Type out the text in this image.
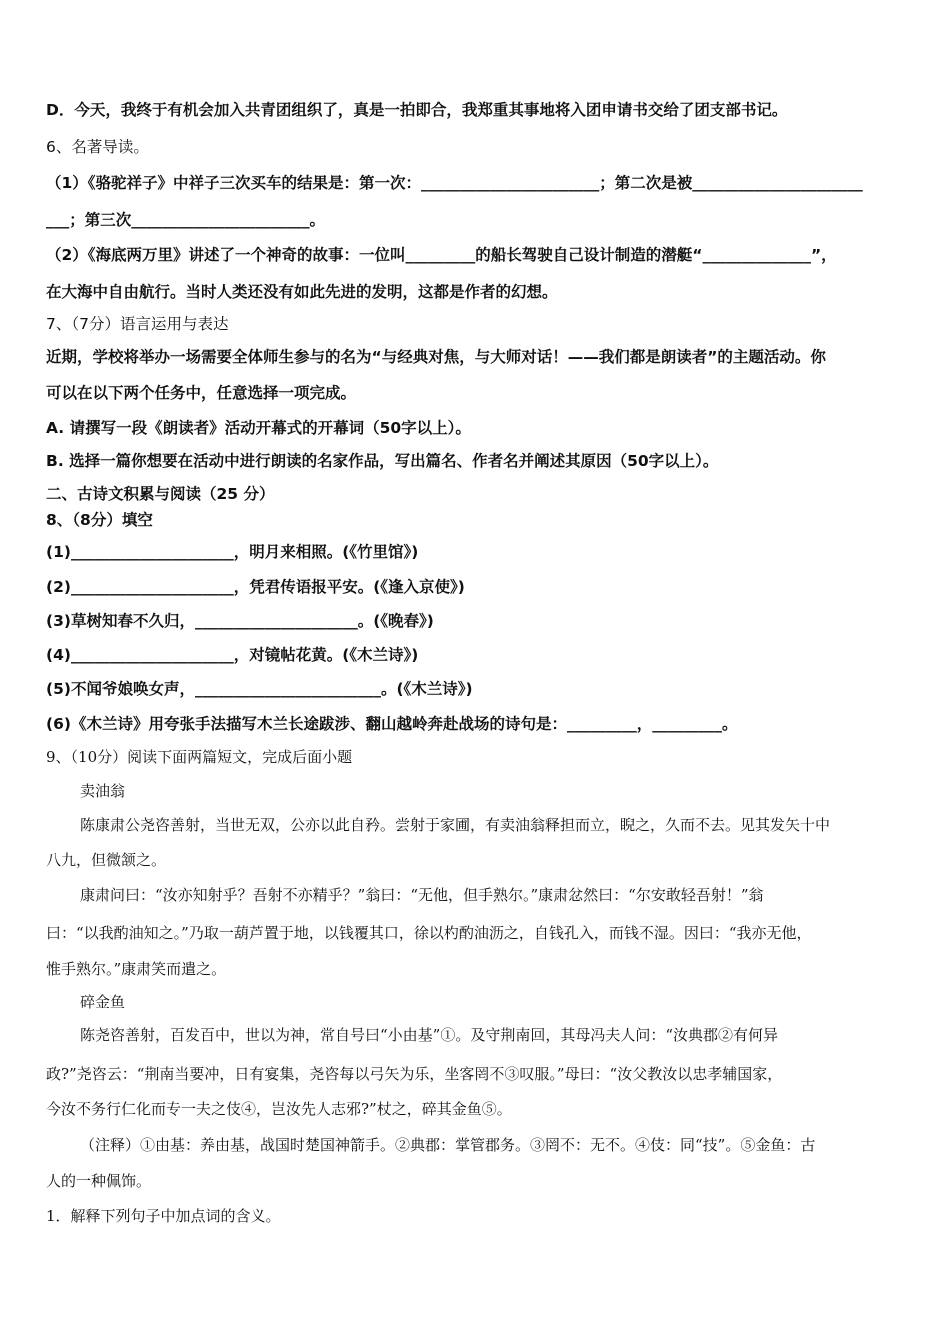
D．今天，我终于有机会加入共青团组织了，真是一拍即合，我郑重其事地将入团申请书交给了团支部书记。
6、名著导读。
（1）《骆驼祥子》中祥子三次买车的结果是：第一次：_______________________；第二次是被______________________
___；第三次_______________________。
（2）《海底两万里》讲述了一个神奇的故事：一位叫_________的船长驾驶自己设计制造的潜艇“______________”，
在大海中自由航行。当时人类还没有如此先进的发明，这都是作者的幻想。
7、（7分）语言运用与表达
近期，学校将举办一场需要全体师生参与的名为“与经典对焦，与大师对话！——我们都是朗读者”的主题活动。你
可以在以下两个任务中，任意选择一项完成。
A. 请撰写一段《朗读者》活动开幕式的开幕词（50字以上）。
B. 选择一篇你想要在活动中进行朗读的名家作品，写出篇名、作者名并阐述其原因（50字以上）。
二、古诗文积累与阅读（25 分）
8、（8分）填空
(1)_____________________，明月来相照。(《竹里馆》)
(2)_____________________，凭君传语报平安。(《逢入京使》)
(3)草树知春不久归，_____________________。(《晚春》)
(4)_____________________，对镜帖花黄。(《木兰诗》)
(5)不闻爷娘唤女声，________________________。(《木兰诗》)
(6)《木兰诗》用夸张手法描写木兰长途跋涉、翻山越岭奔赴战场的诗句是：_________，_________。
9、（10分）阅读下面两篇短文，完成后面小题
卖油翁
陈康肃公尧咨善射，当世无双，公亦以此自矜。尝射于家圃，有卖油翁释担而立，睨之，久而不去。见其发矢十中
八九，但微颔之。
康肃问曰：“汝亦知射乎？吾射不亦精乎？”翁曰：“无他，但手熟尔。”康肃忿然曰：“尔安敢轻吾射！”翁
曰：“以我酌油知之。”乃取一葫芦置于地，以钱覆其口，徐以杓酌油沥之，自钱孔入，而钱不湿。因曰：“我亦无他，
惟手熟尔。”康肃笑而遣之。
碎金鱼
陈尧咨善射，百发百中，世以为神，常自号曰“小由基”①。及守荆南回，其母冯夫人问：“汝典郡②有何异
政?”尧咨云：“荆南当要冲，日有宴集，尧咨每以弓矢为乐，坐客罔不③叹服。”母曰：“汝父教汝以忠孝辅国家，
今汝不务行仁化而专一夫之伎④，岂汝先人志邪?”杖之，碎其金鱼⑤。
（注释）①由基：养由基，战国时楚国神箭手。②典郡：掌管郡务。③罔不：无不。④伎：同“技”。⑤金鱼：古
人的一种佩饰。
1．解释下列句子中加点词的含义。
